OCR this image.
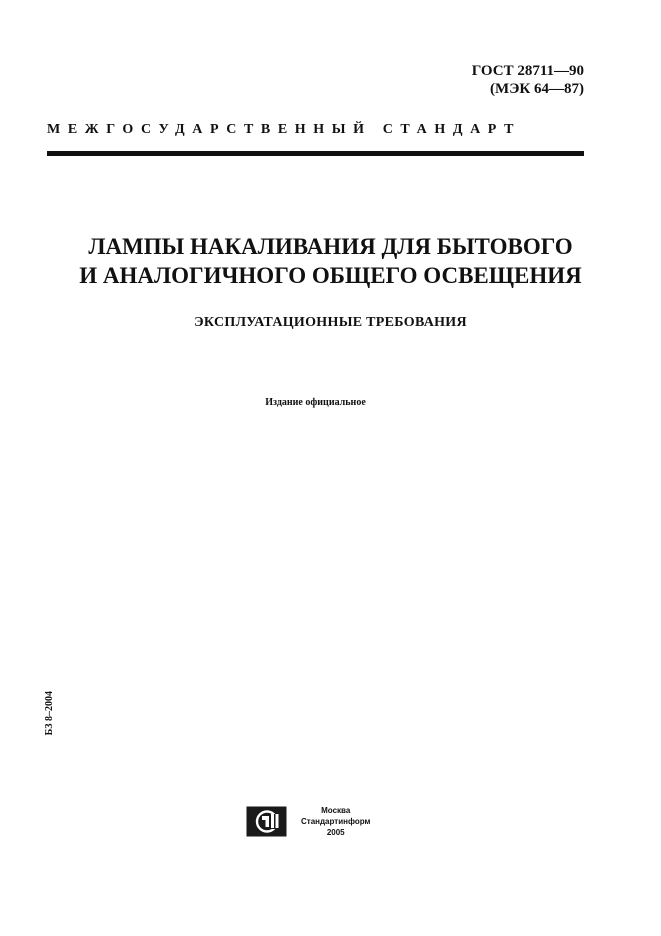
ГОСТ 28711—90
(МЭК 64—87)
МЕЖГОСУДАРСТВЕННЫЙ СТАНДАРТ
ЛАМПЫ НАКАЛИВАНИЯ ДЛЯ БЫТОВОГО
И АНАЛОГИЧНОГО ОБЩЕГО ОСВЕЩЕНИЯ
ЭКСПЛУАТАЦИОННЫЕ ТРЕБОВАНИЯ
Издание официальное
БЗ 8–2004
Москва
Стандартинформ
2005
